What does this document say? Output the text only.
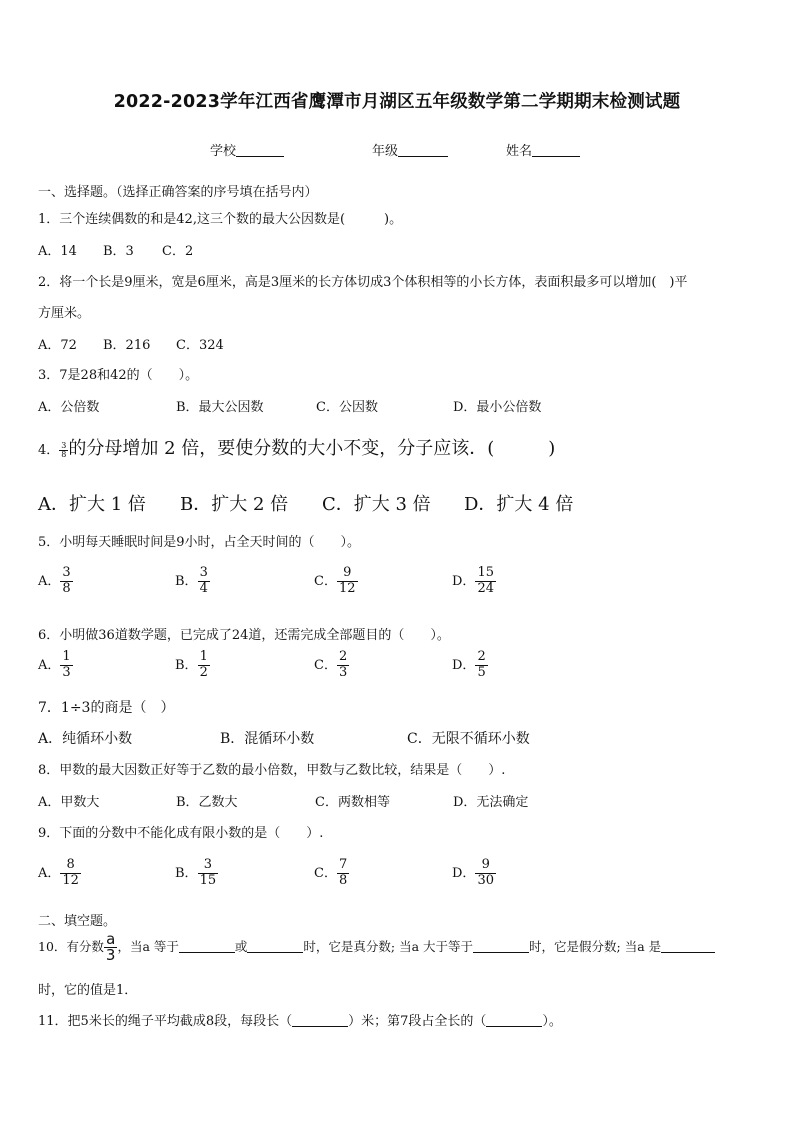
2022-2023学年江西省鹰潭市月湖区五年级数学第二学期期末检测试题
学校	年级	姓名
一、选择题。（选择正确答案的序号填在括号内）
1．三个连续偶数的和是42,这三个数的最大公因数是(　　　)。
A．14 B．3 C．2
2．将一个长是9厘米，宽是6厘米，高是3厘米的长方体切成3个体积相等的小长方体，表面积最多可以增加(　)平
方厘米。
A．72 B．216 C．324
3．7是28和42的（　　）。
A．公倍数	B．最大公因数	C．公因数	D．最小公倍数
4． $\frac{3}{8}$ 的分母增加 2 倍，要使分数的大小不变，分子应该．(　　　)
A．扩大 1 倍 B．扩大 2 倍 C．扩大 3 倍 D．扩大 4 倍
5．小明每天睡眠时间是9小时，占全天时间的（　　）。
A． $\frac{3}{8}$	B． $\frac{3}{4}$	C． $\frac{9}{12}$	D． $\frac{15}{24}$
6．小明做36道数学题，已完成了24道，还需完成全部题目的（　　）。
A． $\frac{1}{3}$	B． $\frac{1}{2}$	C． $\frac{2}{3}$	D． $\frac{2}{5}$
7．1÷3的商是（　）
A．纯循环小数	B．混循环小数	C．无限不循环小数
8．甲数的最大因数正好等于乙数的最小倍数，甲数与乙数比较，结果是（　　）.
A．甲数大	B．乙数大	C．两数相等	D．无法确定
9．下面的分数中不能化成有限小数的是（　　）.
A． $\frac{8}{12}$	B． $\frac{3}{15}$	C． $\frac{7}{8}$	D． $\frac{9}{30}$
二、填空题。
10．有分数 $\frac{a}{3}$ ，当a 等于	或	时，它是真分数; 当a 大于等于	时，它是假分数; 当a 是
时，它的值是1．
11．把5米长的绳子平均截成8段，每段长（	）米；第7段占全长的（	）。
